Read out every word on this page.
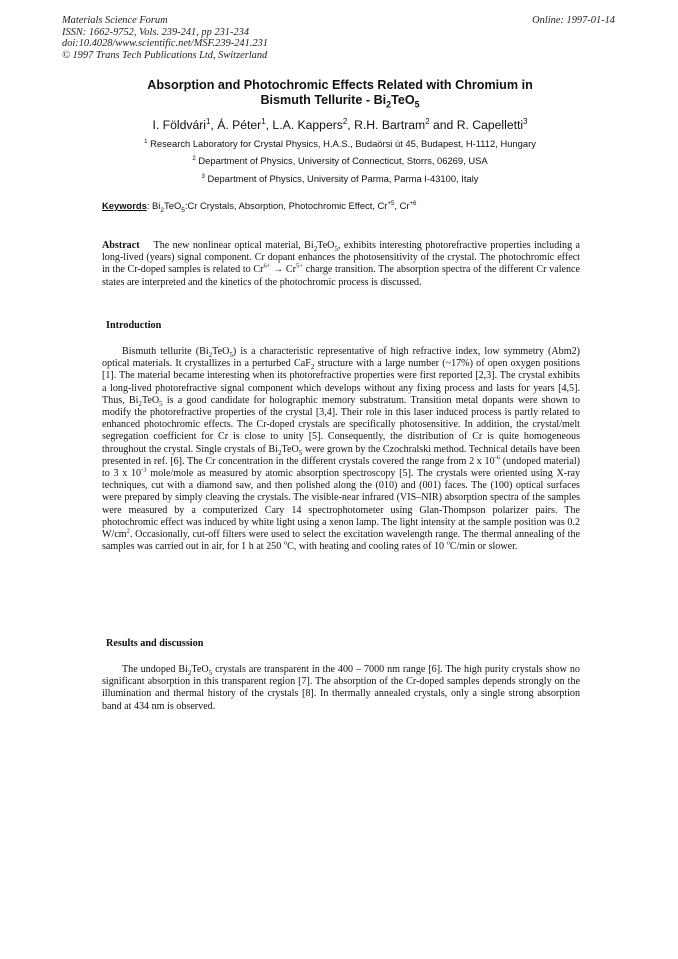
Materials Science Forum
ISSN: 1662-9752, Vols. 239-241, pp 231-234
doi:10.4028/www.scientific.net/MSF.239-241.231
© 1997 Trans Tech Publications Ltd, Switzerland
Online: 1997-01-14
Absorption and Photochromic Effects Related with Chromium in
Bismuth Tellurite - $Bi_2TeO_5$
I. Földvári$^1$, Á. Péter$^1$, L.A. Kappers$^2$, R.H. Bartram$^2$ and R. Capelletti$^3$
$^1$ Research Laboratory for Crystal Physics, H.A.S., Budaörsi út 45, Budapest, H-1112, Hungary
$^2$ Department of Physics, University of Connecticut, Storrs, 06269, USA
$^3$ Department of Physics, University of Parma, Parma I-43100, Italy
Keywords: $Bi_2TeO_5:Cr$ Crystals, Absorption, Photochromic Effect, $Cr^{+5}$, $Cr^{+6}$
Abstract The new nonlinear optical material, $Bi_2TeO_5$, exhibits interesting photorefractive properties including a long-lived (years) signal component. Cr dopant enhances the photosensitivity of the crystal. The photochromic effect in the Cr-doped samples is related to $Cr^{6+} \to Cr^{5+}$ charge transition. The absorption spectra of the different Cr valence states are interpreted and the kinetics of the photochromic process is discussed.
Introduction
Bismuth tellurite $(Bi_2TeO_5)$ is a characteristic representative of high refractive index, low symmetry (Abm2) optical materials. It crystallizes in a perturbed CaF$_2$ structure with a large number (~17%) of open oxygen positions [1]. The material became interesting when its photorefractive properties were first reported [2,3]. The crystal exhibits a long-lived photorefractive signal component which develops without any fixing process and lasts for years [4,5]. Thus, $Bi_2TeO_5$ is a good candidate for holographic memory substratum. Transition metal dopants were shown to modify the photorefractive properties of the crystal [3,4]. Their role in this laser induced process is partly related to enhanced photochromic effects. The Cr-doped crystals are specifically photosensitive. In addition, the crystal/melt segregation coefficient for Cr is close to unity [5]. Consequently, the distribution of Cr is quite homogeneous throughout the crystal. Single crystals of $Bi_2TeO_5$ were grown by the Czochralski method. Technical details have been presented in ref. [6]. The Cr concentration in the different crystals covered the range from 2 x $10^{-6}$ (undoped material) to 3 x $10^{-3}$ mole/mole as measured by atomic absorption spectroscopy [5]. The crystals were oriented using X-ray techniques, cut with a diamond saw, and then polished along the (010) and (001) faces. The (100) optical surfaces were prepared by simply cleaving the crystals. The visible-near infrared (VIS–NIR) absorption spectra of the samples were measured by a computerized Cary 14 spectrophotometer using Glan-Thompson polarizer pairs. The photochromic effect was induced by white light using a xenon lamp. The light intensity at the sample position was 0.2 $W/cm^2$. Occasionally, cut-off filters were used to select the excitation wavelength range. The thermal annealing of the samples was carried out in air, for 1 h at 250 $^o$C, with heating and cooling rates of 10 $^o$C/min or slower.
Results and discussion
The undoped $Bi_2TeO_5$ crystals are transparent in the 400 – 7000 nm range [6]. The high purity crystals show no significant absorption in this transparent region [7]. The absorption of the Cr-doped samples depends strongly on the illumination and thermal history of the crystals [8]. In thermally annealed crystals, only a single strong absorption band at 434 nm is observed.
